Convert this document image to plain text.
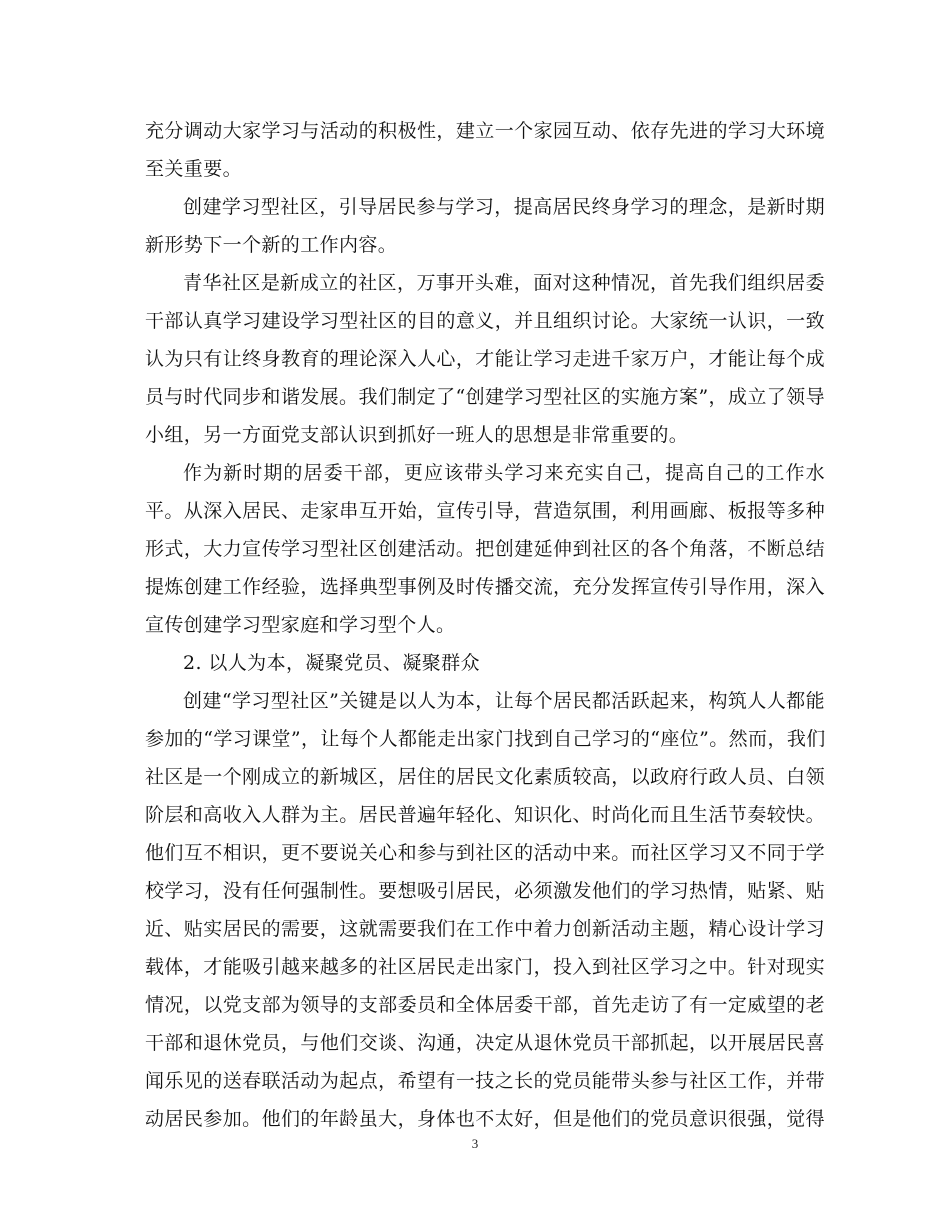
充分调动大家学习与活动的积极性，建立一个家园互动、依存先进的学习大环境
至关重要。
创建学习型社区，引导居民参与学习，提高居民终身学习的理念，是新时期
新形势下一个新的工作内容。
青华社区是新成立的社区，万事开头难，面对这种情况，首先我们组织居委
干部认真学习建设学习型社区的目的意义，并且组织讨论。大家统一认识，一致
认为只有让终身教育的理论深入人心，才能让学习走进千家万户，才能让每个成
员与时代同步和谐发展。我们制定了“创建学习型社区的实施方案”，成立了领导
小组，另一方面党支部认识到抓好一班人的思想是非常重要的。
作为新时期的居委干部，更应该带头学习来充实自己，提高自己的工作水
平。从深入居民、走家串互开始，宣传引导，营造氛围，利用画廊、板报等多种
形式，大力宣传学习型社区创建活动。把创建延伸到社区的各个角落，不断总结
提炼创建工作经验，选择典型事例及时传播交流，充分发挥宣传引导作用，深入
宣传创建学习型家庭和学习型个人。
2. 以人为本，凝聚党员、凝聚群众
创建“学习型社区”关键是以人为本，让每个居民都活跃起来，构筑人人都能
参加的“学习课堂”，让每个人都能走出家门找到自己学习的“座位”。然而，我们
社区是一个刚成立的新城区，居住的居民文化素质较高，以政府行政人员、白领
阶层和高收入人群为主。居民普遍年轻化、知识化、时尚化而且生活节奏较快。
他们互不相识，更不要说关心和参与到社区的活动中来。而社区学习又不同于学
校学习，没有任何强制性。要想吸引居民，必须激发他们的学习热情，贴紧、贴
近、贴实居民的需要，这就需要我们在工作中着力创新活动主题，精心设计学习
载体，才能吸引越来越多的社区居民走出家门，投入到社区学习之中。针对现实
情况，以党支部为领导的支部委员和全体居委干部，首先走访了有一定威望的老
干部和退休党员，与他们交谈、沟通，决定从退休党员干部抓起，以开展居民喜
闻乐见的送春联活动为起点，希望有一技之长的党员能带头参与社区工作，并带
动居民参加。他们的年龄虽大，身体也不太好，但是他们的党员意识很强，觉得
3
